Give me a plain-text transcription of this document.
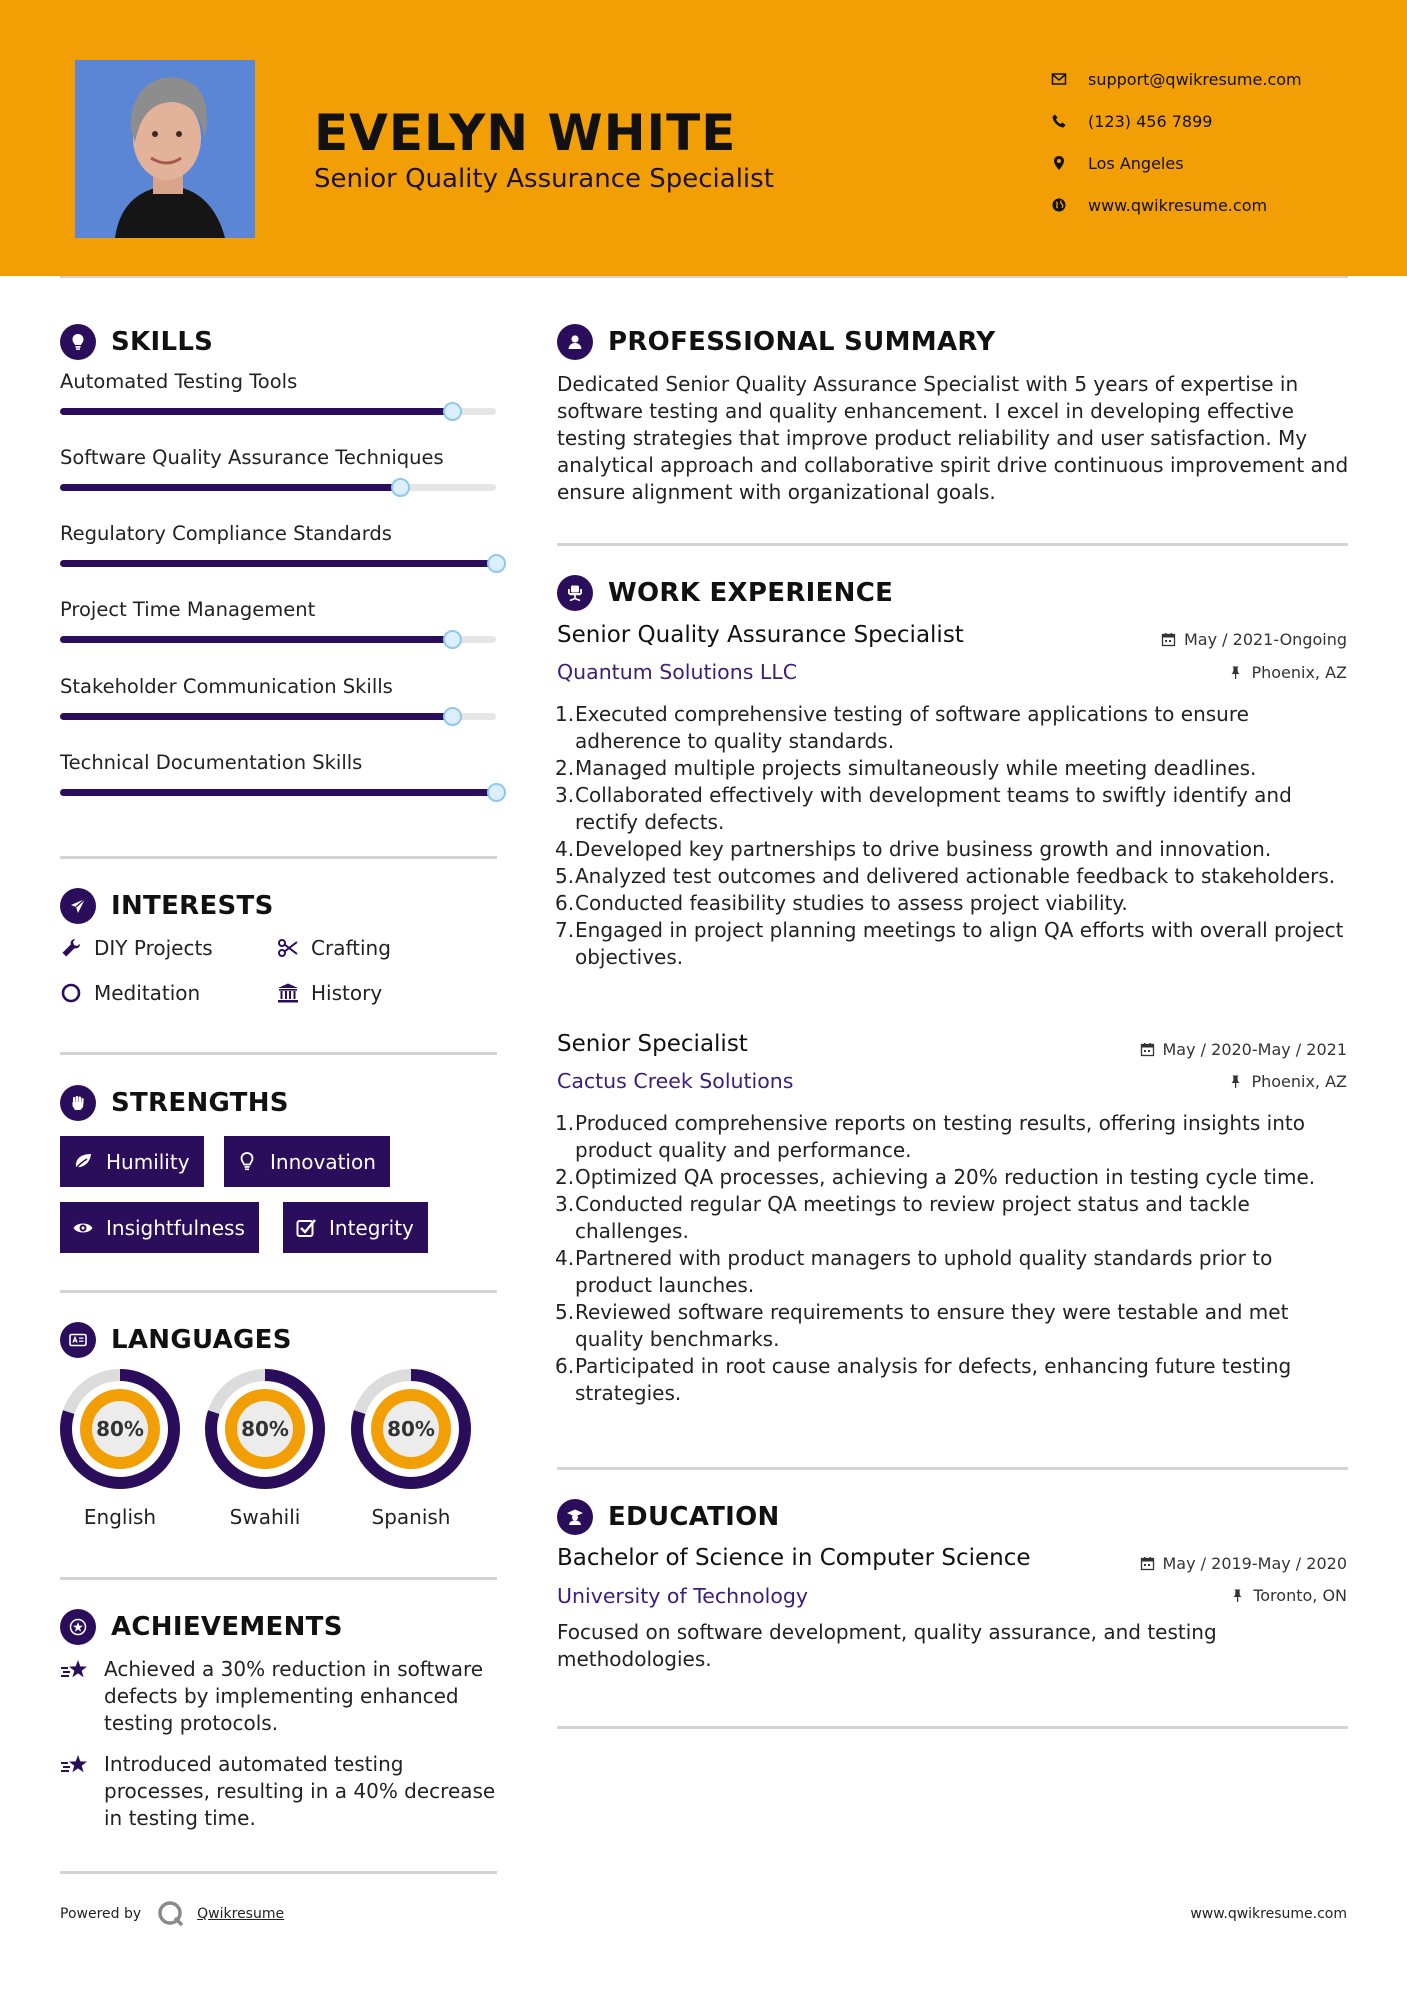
EVELYN WHITE
Senior Quality Assurance Specialist
support@qwikresume.com
(123) 456 7899
Los Angeles
www.qwikresume.com
SKILLS
Automated Testing Tools
Software Quality Assurance Techniques
Regulatory Compliance Standards
Project Time Management
Stakeholder Communication Skills
Technical Documentation Skills
INTERESTS
DIY Projects	Crafting
Meditation	History
STRENGTHS
Humility	Innovation
Insightfulness	Integrity
LANGUAGES
80%
English
80%
Swahili
80%
Spanish
ACHIEVEMENTS
Achieved a 30% reduction in software defects by implementing enhanced testing protocols.
Introduced automated testing processes, resulting in a 40% decrease in testing time.
PROFESSIONAL SUMMARY
Dedicated Senior Quality Assurance Specialist with 5 years of expertise in software testing and quality enhancement. I excel in developing effective testing strategies that improve product reliability and user satisfaction. My analytical approach and collaborative spirit drive continuous improvement and ensure alignment with organizational goals.
WORK EXPERIENCE
Senior Quality Assurance Specialist	May / 2021-Ongoing
Quantum Solutions LLC	Phoenix, AZ
Executed comprehensive testing of software applications to ensure adherence to quality standards.
Managed multiple projects simultaneously while meeting deadlines.
Collaborated effectively with development teams to swiftly identify and rectify defects.
Developed key partnerships to drive business growth and innovation.
Analyzed test outcomes and delivered actionable feedback to stakeholders.
Conducted feasibility studies to assess project viability.
Engaged in project planning meetings to align QA efforts with overall project objectives.
Senior Specialist	May / 2020-May / 2021
Cactus Creek Solutions	Phoenix, AZ
Produced comprehensive reports on testing results, offering insights into product quality and performance.
Optimized QA processes, achieving a 20% reduction in testing cycle time.
Conducted regular QA meetings to review project status and tackle challenges.
Partnered with product managers to uphold quality standards prior to product launches.
Reviewed software requirements to ensure they were testable and met quality benchmarks.
Participated in root cause analysis for defects, enhancing future testing strategies.
EDUCATION
Bachelor of Science in Computer Science	May / 2019-May / 2020
University of Technology	Toronto, ON
Focused on software development, quality assurance, and testing methodologies.
Powered by	Qwikresume	www.qwikresume.com
